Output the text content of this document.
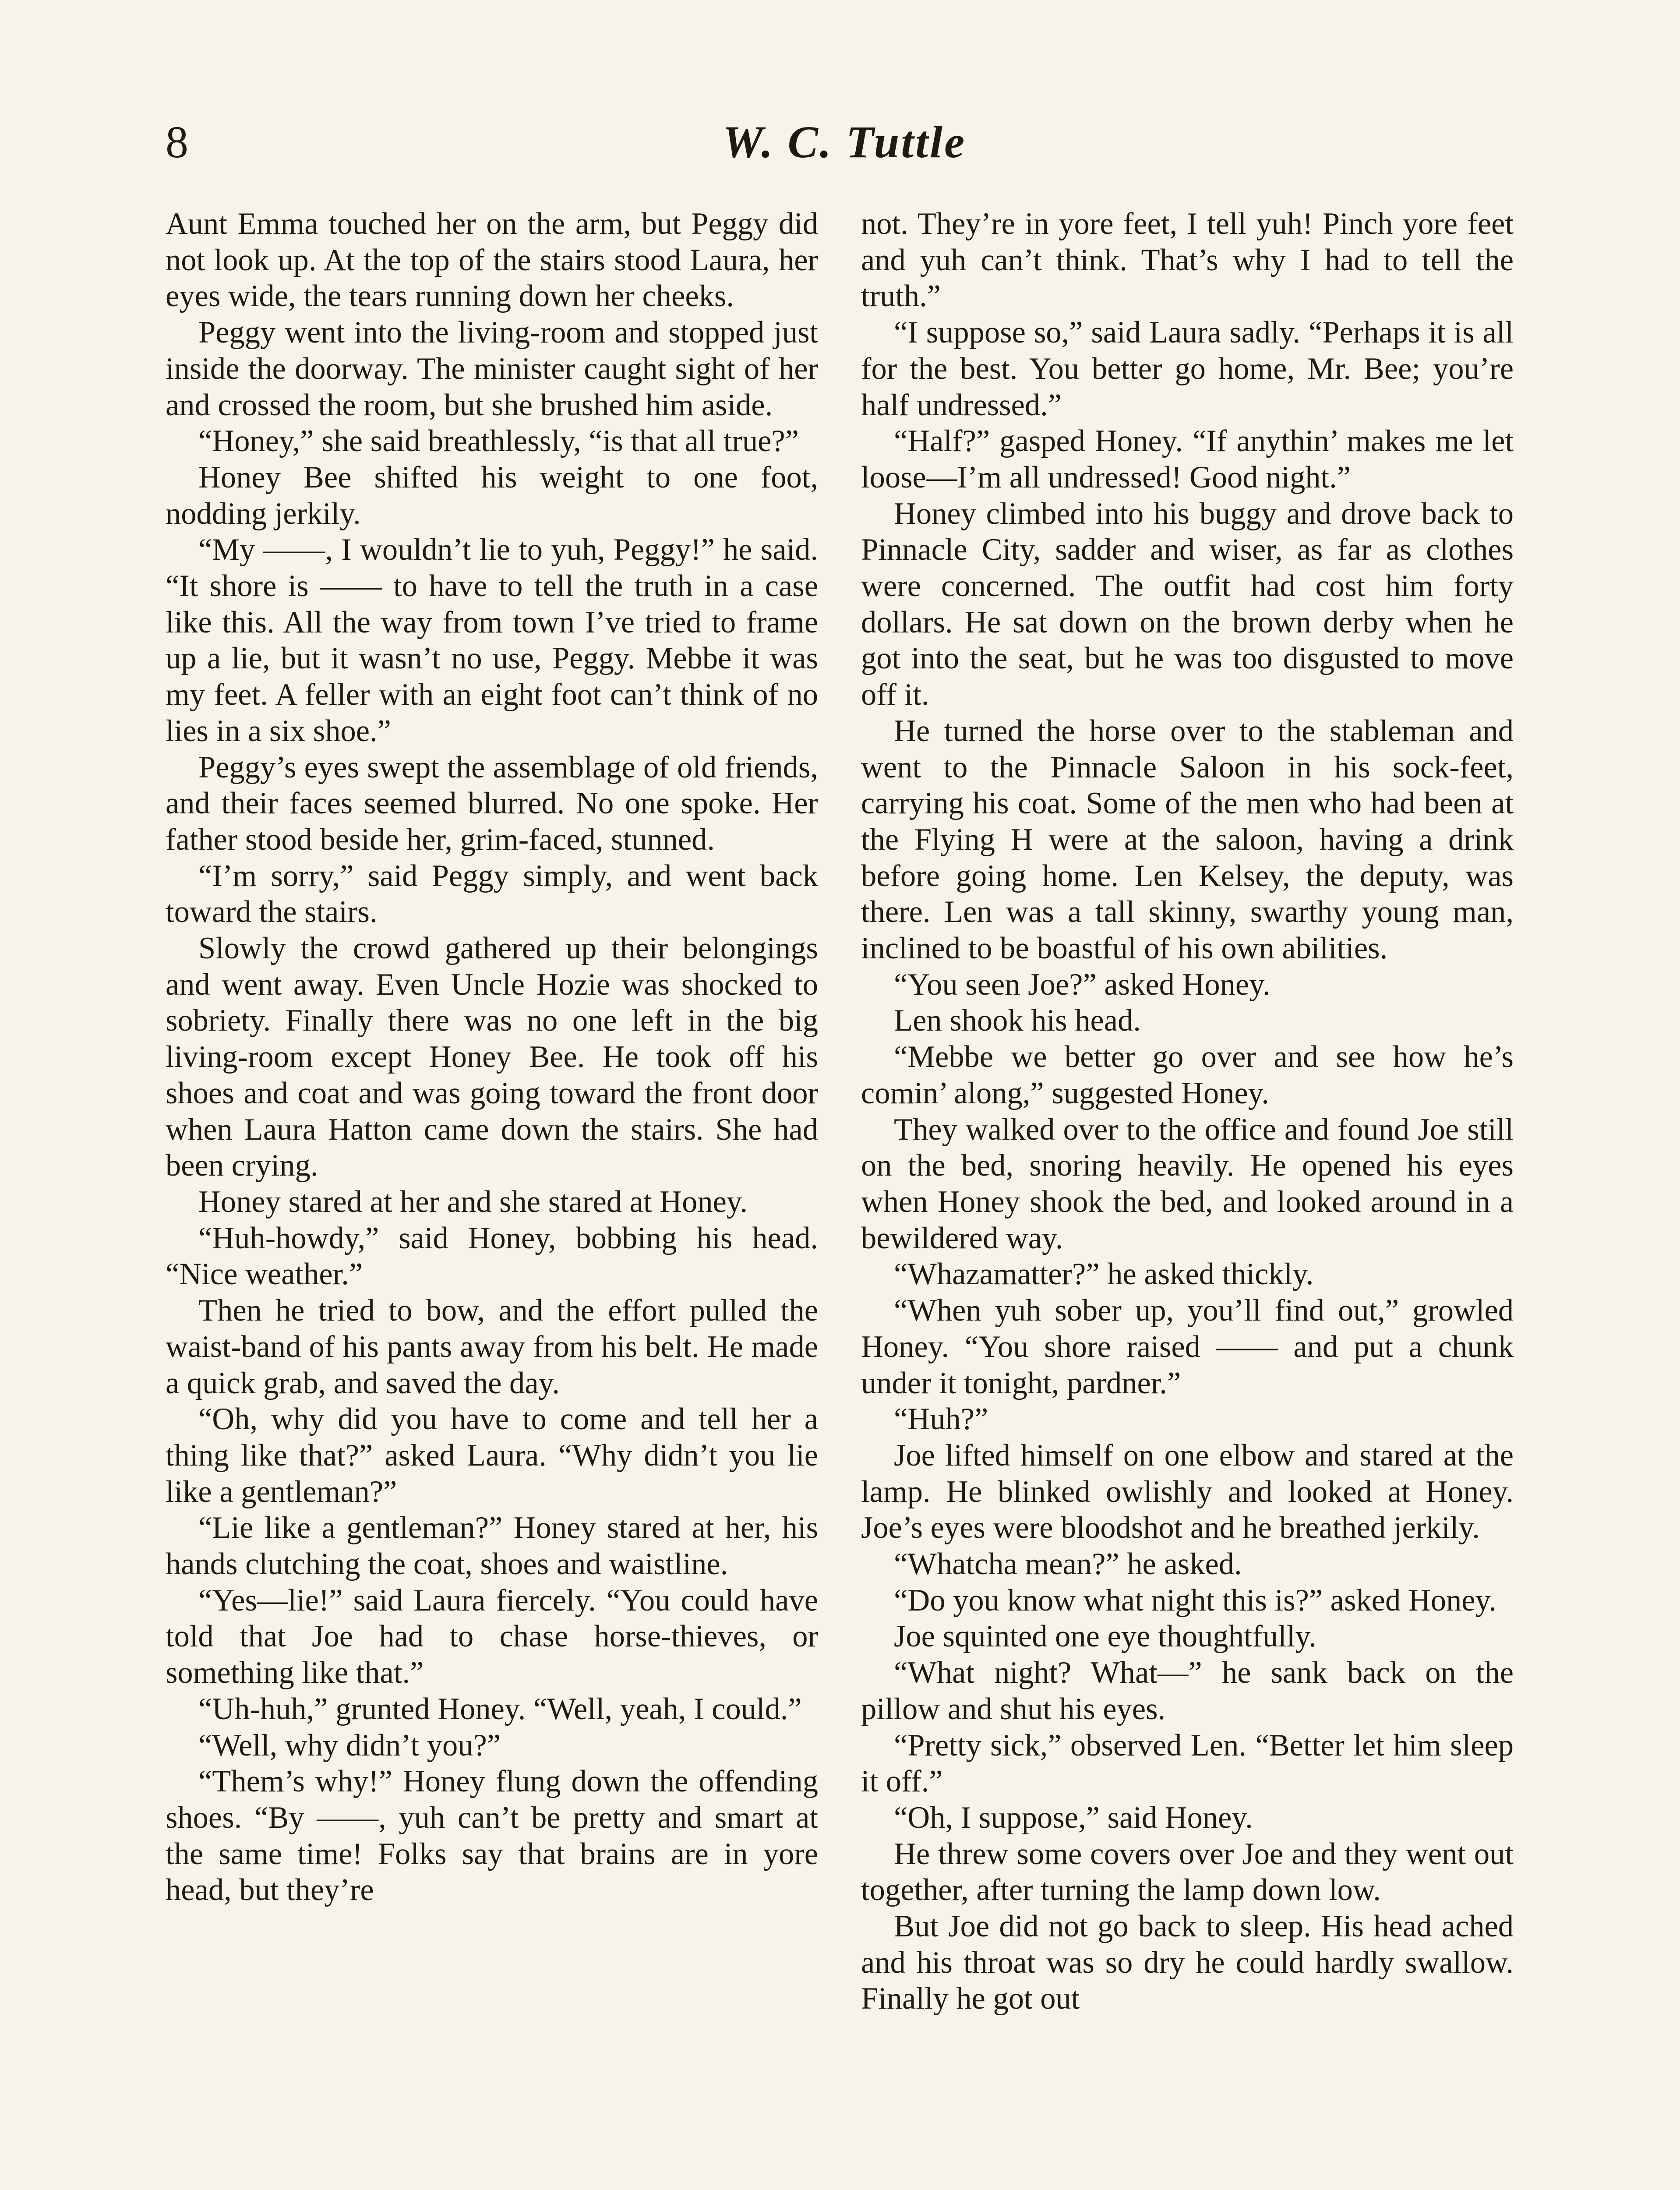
8	W. C. Tuttle

Aunt Emma touched her on the arm, but Peggy did not look up. At the top of the stairs stood Laura, her eyes wide, the tears running down her cheeks.

Peggy went into the living-room and stopped just inside the doorway. The minister caught sight of her and crossed the room, but she brushed him aside.

“Honey,” she said breathlessly, “is that all true?”

Honey Bee shifted his weight to one foot, nodding jerkily.

“My ——, I wouldn’t lie to yuh, Peggy!” he said. “It shore is —— to have to tell the truth in a case like this. All the way from town I’ve tried to frame up a lie, but it wasn’t no use, Peggy. Mebbe it was my feet. A feller with an eight foot can’t think of no lies in a six shoe.”

Peggy’s eyes swept the assemblage of old friends, and their faces seemed blurred. No one spoke. Her father stood beside her, grim-faced, stunned.

“I’m sorry,” said Peggy simply, and went back toward the stairs.

Slowly the crowd gathered up their belongings and went away. Even Uncle Hozie was shocked to sobriety. Finally there was no one left in the big living-room except Honey Bee. He took off his shoes and coat and was going toward the front door when Laura Hatton came down the stairs. She had been crying.

Honey stared at her and she stared at Honey.

“Huh-howdy,” said Honey, bobbing his head. “Nice weather.”

Then he tried to bow, and the effort pulled the waist-band of his pants away from his belt. He made a quick grab, and saved the day.

“Oh, why did you have to come and tell her a thing like that?” asked Laura. “Why didn’t you lie like a gentleman?”

“Lie like a gentleman?” Honey stared at her, his hands clutching the coat, shoes and waistline.

“Yes—lie!” said Laura fiercely. “You could have told that Joe had to chase horse-thieves, or something like that.”

“Uh-huh,” grunted Honey. “Well, yeah, I could.”

“Well, why didn’t you?”

“Them’s why!” Honey flung down the offending shoes. “By ——, yuh can’t be pretty and smart at the same time! Folks say that brains are in yore head, but they’re

not. They’re in yore feet, I tell yuh! Pinch yore feet and yuh can’t think. That’s why I had to tell the truth.”

“I suppose so,” said Laura sadly. “Perhaps it is all for the best. You better go home, Mr. Bee; you’re half undressed.”

“Half?” gasped Honey. “If anythin’ makes me let loose—I’m all undressed! Good night.”

Honey climbed into his buggy and drove back to Pinnacle City, sadder and wiser, as far as clothes were concerned. The outfit had cost him forty dollars. He sat down on the brown derby when he got into the seat, but he was too disgusted to move off it.

He turned the horse over to the stableman and went to the Pinnacle Saloon in his sock-feet, carrying his coat. Some of the men who had been at the Flying H were at the saloon, having a drink before going home. Len Kelsey, the deputy, was there. Len was a tall skinny, swarthy young man, inclined to be boastful of his own abilities.

“You seen Joe?” asked Honey.

Len shook his head.

“Mebbe we better go over and see how he’s comin’ along,” suggested Honey.

They walked over to the office and found Joe still on the bed, snoring heavily. He opened his eyes when Honey shook the bed, and looked around in a bewildered way.

“Whazamatter?” he asked thickly.

“When yuh sober up, you’ll find out,” growled Honey. “You shore raised —— and put a chunk under it tonight, pardner.”

“Huh?”

Joe lifted himself on one elbow and stared at the lamp. He blinked owlishly and looked at Honey. Joe’s eyes were bloodshot and he breathed jerkily.

“Whatcha mean?” he asked.

“Do you know what night this is?” asked Honey.

Joe squinted one eye thoughtfully.

“What night? What—” he sank back on the pillow and shut his eyes.

“Pretty sick,” observed Len. “Better let him sleep it off.”

“Oh, I suppose,” said Honey.

He threw some covers over Joe and they went out together, after turning the lamp down low.

But Joe did not go back to sleep. His head ached and his throat was so dry he could hardly swallow. Finally he got out
